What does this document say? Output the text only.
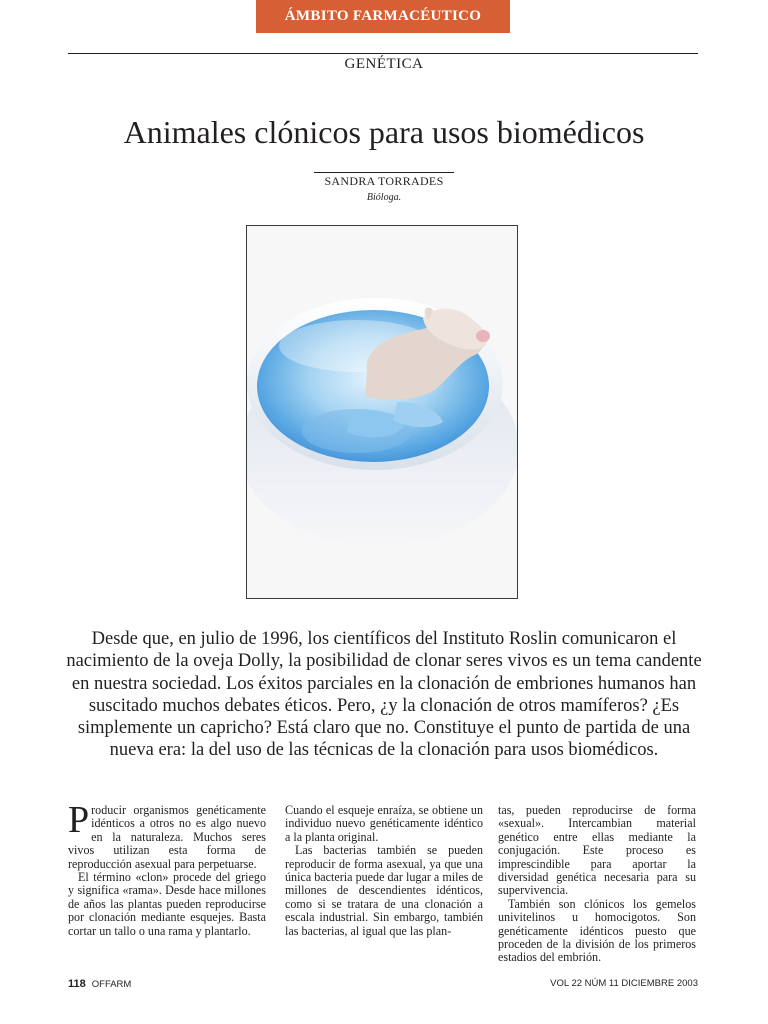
ÁMBITO FARMACÉUTICO
GENÉTICA
Animales clónicos para usos biomédicos
SANDRA TORRADES
Bióloga.

Desde que, en julio de 1996, los científicos del Instituto Roslin comunicaron el nacimiento de la oveja Dolly, la posibilidad de clonar seres vivos es un tema candente en nuestra sociedad. Los éxitos parciales en la clonación de embriones humanos han suscitado muchos debates éticos. Pero, ¿y la clonación de otros mamíferos? ¿Es simplemente un capricho? Está claro que no. Constituye el punto de partida de una nueva era: la del uso de las técnicas de la clonación para usos biomédicos.

Producir organismos genéticamente idénticos a otros no es algo nuevo en la naturaleza. Muchos seres vivos utilizan esta forma de reproducción asexual para perpetuarse.

El término «clon» procede del griego y significa «rama». Desde hace millones de años las plantas pueden reproducirse por clonación mediante esquejes. Basta cortar un tallo o una rama y plantarlo.

Cuando el esqueje enraíza, se obtiene un individuo nuevo genéticamente idéntico a la planta original.

Las bacterias también se pueden reproducir de forma asexual, ya que una única bacteria puede dar lugar a miles de millones de descendientes idénticos, como si se tratara de una clonación a escala industrial. Sin embargo, también las bacterias, al igual que las plan-

tas, pueden reproducirse de forma «sexual». Intercambian material genético entre ellas mediante la conjugación. Este proceso es imprescindible para aportar la diversidad genética necesaria para su supervivencia.

También son clónicos los gemelos univitelinos u homocigotos. Son genéticamente idénticos puesto que proceden de la división de los primeros estadios del embrión.

118 OFFARM	VOL 22 NÚM 11 DICIEMBRE 2003
